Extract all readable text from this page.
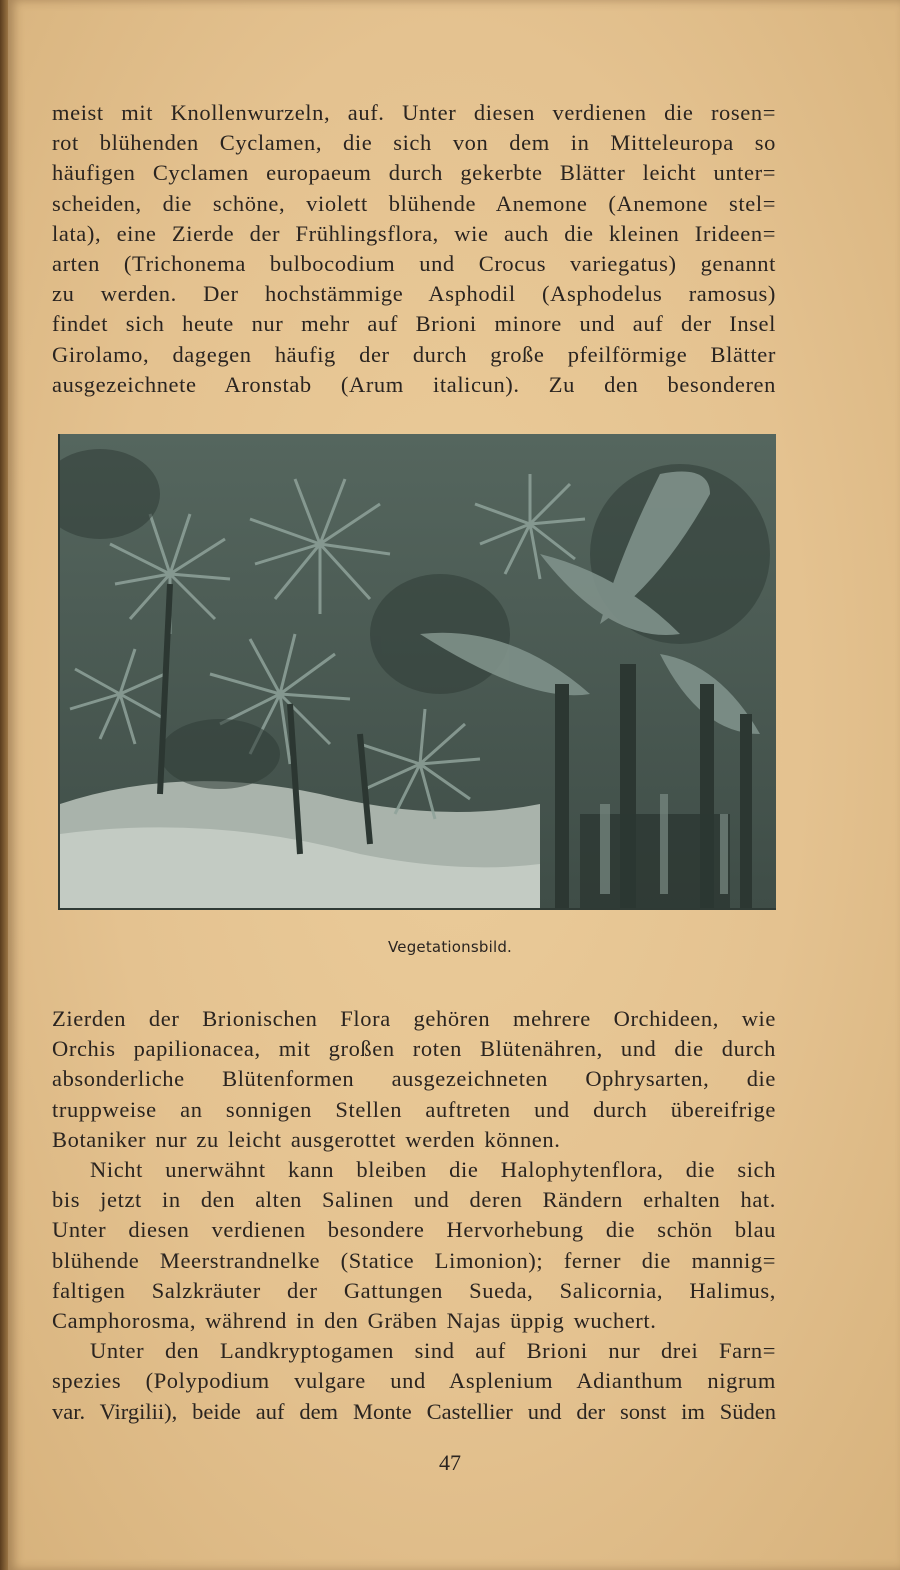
meist mit Knollenwurzeln, auf. Unter diesen verdienen die rosen=
rot blühenden Cyclamen, die sich von dem in Mitteleuropa so
häufigen Cyclamen europaeum durch gekerbte Blätter leicht unter=
scheiden, die schöne, violett blühende Anemone (Anemone stel=
lata), eine Zierde der Frühlingsflora, wie auch die kleinen Irideen=
arten (Trichonema bulbocodium und Crocus variegatus) genannt
zu werden. Der hochstämmige Asphodil (Asphodelus ramosus)
findet sich heute nur mehr auf Brioni minore und auf der Insel
Girolamo, dagegen häufig der durch große pfeilförmige Blätter
ausgezeichnete Aronstab (Arum italicun). Zu den besonderen

Vegetationsbild.

Zierden der Brionischen Flora gehören mehrere Orchideen, wie
Orchis papilionacea, mit großen roten Blütenähren, und die durch
absonderliche Blütenformen ausgezeichneten Ophrysarten, die
truppweise an sonnigen Stellen auftreten und durch übereifrige
Botaniker nur zu leicht ausgerottet werden können.

Nicht unerwähnt kann bleiben die Halophytenflora, die sich
bis jetzt in den alten Salinen und deren Rändern erhalten hat.
Unter diesen verdienen besondere Hervorhebung die schön blau
blühende Meerstrandnelke (Statice Limonion); ferner die mannig=
faltigen Salzkräuter der Gattungen Sueda, Salicornia, Halimus,
Camphorosma, während in den Gräben Najas üppig wuchert.

Unter den Landkryptogamen sind auf Brioni nur drei Farn=
spezies (Polypodium vulgare und Asplenium Adianthum nigrum
var. Virgilii), beide auf dem Monte Castellier und der sonst im Süden

47
